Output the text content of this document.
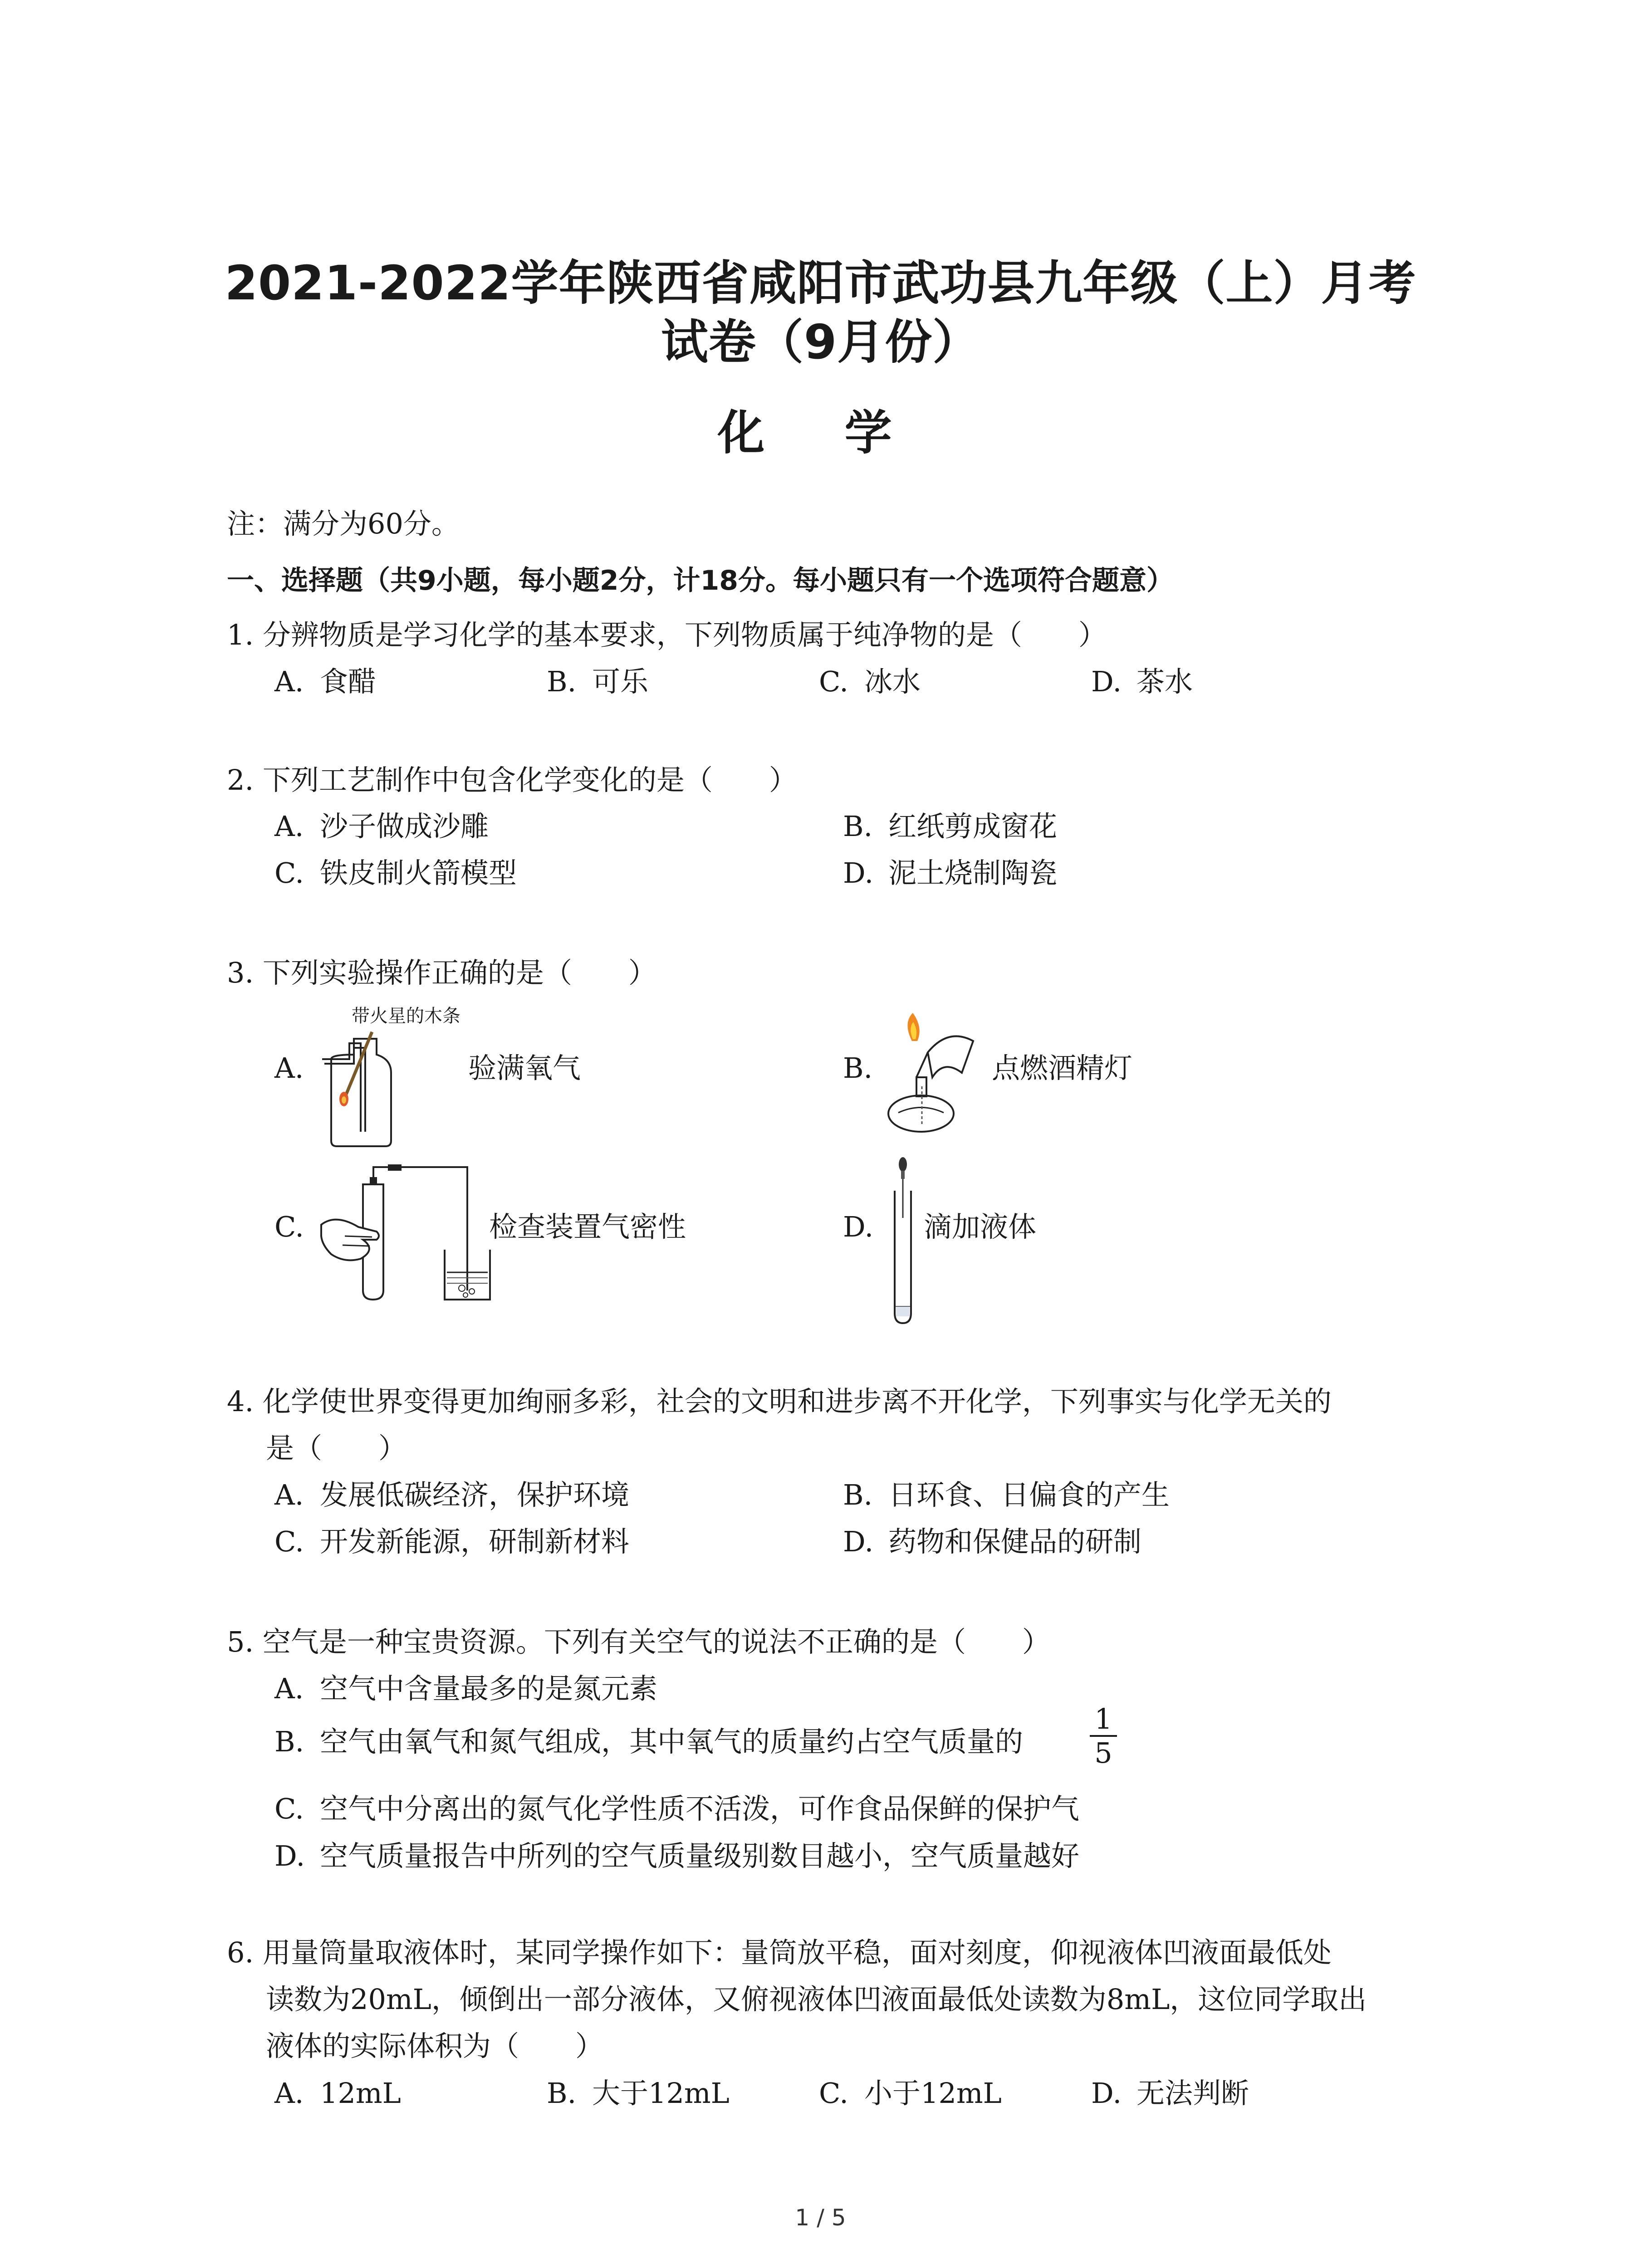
2021-2022学年陕西省咸阳市武功县九年级（上）月考
试卷（9月份）
化 学
注：满分为60分。
一、选择题（共9小题，每小题2分，计18分。每小题只有一个选项符合题意）
1. 分辨物质是学习化学的基本要求，下列物质属于纯净物的是（　　）
A. 食醋	B. 可乐	C. 冰水	D. 茶水
2. 下列工艺制作中包含化学变化的是（　　）
A. 沙子做成沙雕	B. 红纸剪成窗花
C. 铁皮制火箭模型	D. 泥土烧制陶瓷
3. 下列实验操作正确的是（　　）
带火星的木条
A.	验满氧气	B.	点燃酒精灯
C.	检查装置气密性	D. 滴加液体
4. 化学使世界变得更加绚丽多彩，社会的文明和进步离不开化学，下列事实与化学无关的
是（　　）
A. 发展低碳经济，保护环境	B. 日环食、日偏食的产生
C. 开发新能源，研制新材料	D. 药物和保健品的研制
5. 空气是一种宝贵资源。下列有关空气的说法不正确的是（　　）
A. 空气中含量最多的是氮元素
B. 空气由氧气和氮气组成，其中氧气的质量约占空气质量的 $\frac{1}{5}$
C. 空气中分离出的氮气化学性质不活泼，可作食品保鲜的保护气
D. 空气质量报告中所列的空气质量级别数目越小，空气质量越好
6. 用量筒量取液体时，某同学操作如下：量筒放平稳，面对刻度，仰视液体凹液面最低处
读数为20mL，倾倒出一部分液体，又俯视液体凹液面最低处读数为8mL，这位同学取出
液体的实际体积为（　　）
A. 12mL	B. 大于12mL	C. 小于12mL	D. 无法判断
1 / 5
